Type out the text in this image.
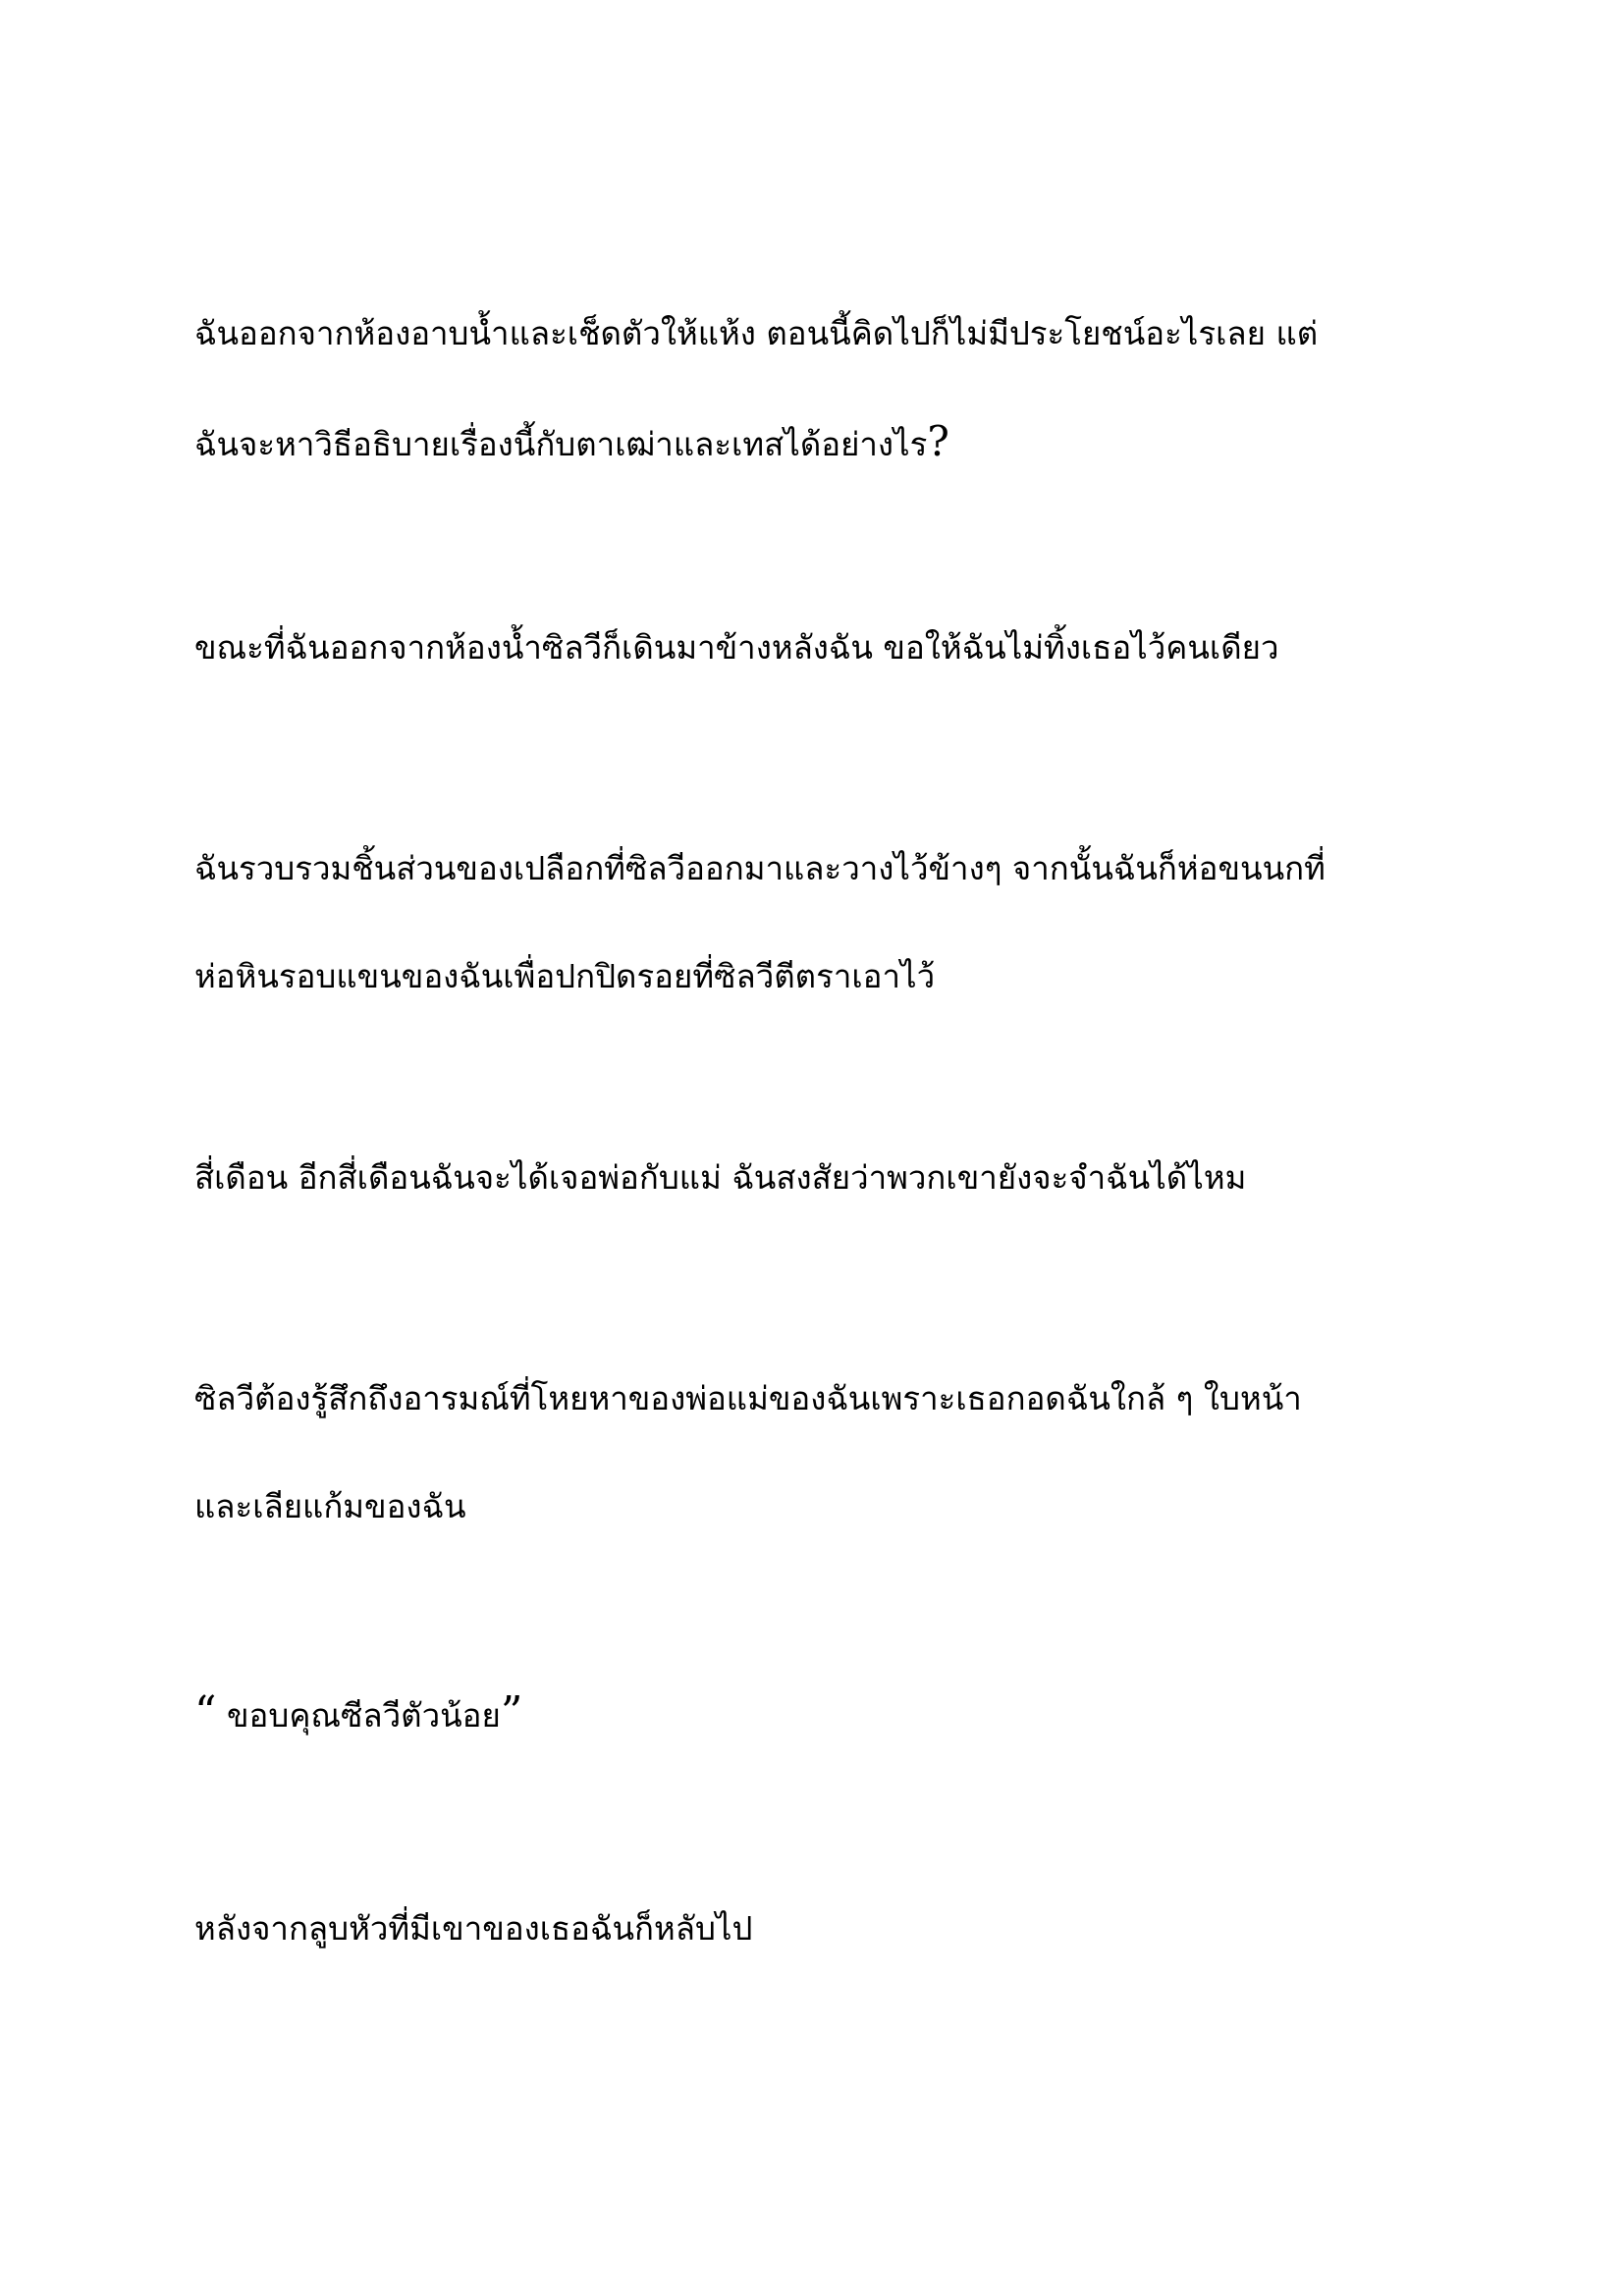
ฉันออกจากห้องอาบน้ำและเช็ดตัวให้แห้ง ตอนนี้คิดไปก็ไม่มีประโยชน์อะไรเลย แต่
ฉันจะหาวิธีอธิบายเรื่องนี้กับตาเฒ่าและเทสได้อย่างไร?

ขณะที่ฉันออกจากห้องน้ำซิลวีก็เดินมาข้างหลังฉัน ขอให้ฉันไม่ทิ้งเธอไว้คนเดียว

ฉันรวบรวมชิ้นส่วนของเปลือกที่ซิลวีออกมาและวางไว้ข้างๆ จากนั้นฉันก็ห่อขนนกที่
ห่อหินรอบแขนของฉันเพื่อปกปิดรอยที่ซิลวีตีตราเอาไว้

สี่เดือน อีกสี่เดือนฉันจะได้เจอพ่อกับแม่ ฉันสงสัยว่าพวกเขายังจะจำฉันได้ไหม

ซิลวีต้องรู้สึกถึงอารมณ์ที่โหยหาของพ่อแม่ของฉันเพราะเธอกอดฉันใกล้ ๆ ใบหน้า
และเลียแก้มของฉัน

“ ขอบคุณซีลวีตัวน้อย”

หลังจากลูบหัวที่มีเขาของเธอฉันก็หลับไป
